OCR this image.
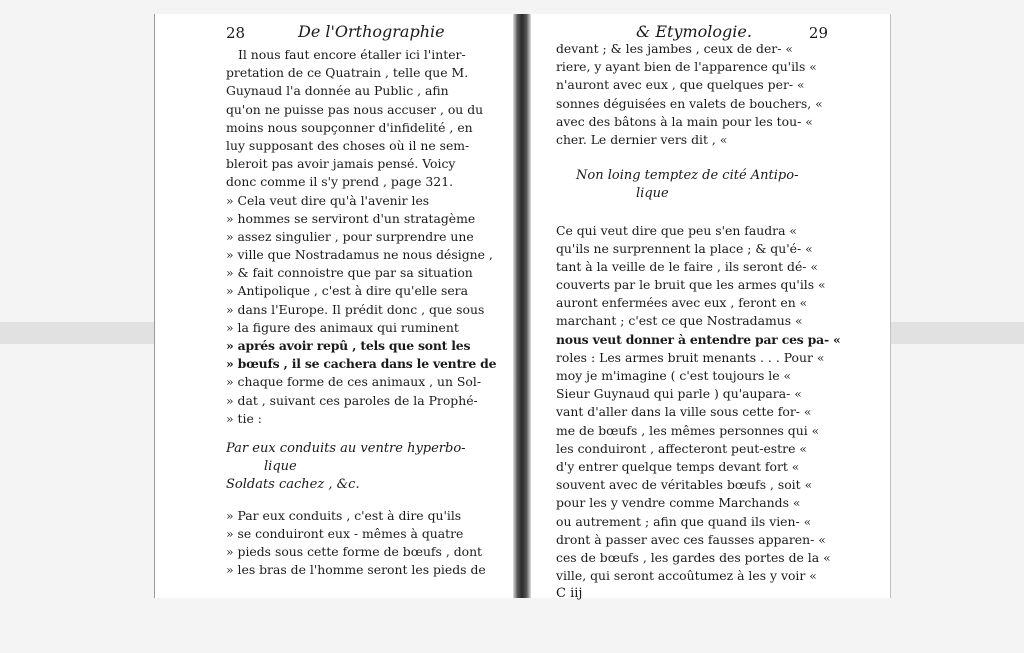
28	De l'Orthographie
Il nous faut encore étaller ici l'inter-
pretation de ce Quatrain , telle que M.
Guynaud l'a donnée au Public , afin
qu'on ne puisse pas nous accuser , ou du
moins nous soupçonner d'infidelité , en
luy supposant des choses où il ne sem-
bleroit pas avoir jamais pensé. Voicy
donc comme il s'y prend , page 321.
» Cela veut dire qu'à l'avenir les
» hommes se serviront d'un stratagème
» assez singulier , pour surprendre une
» ville que Nostradamus ne nous désigne ,
» & fait connoistre que par sa situation
» Antipolique , c'est à dire qu'elle sera
» dans l'Europe. Il prédit donc , que sous
» la figure des animaux qui ruminent
» aprés avoir repû , tels que sont les
» bœufs , il se cachera dans le ventre de
» chaque forme de ces animaux , un Sol-
» dat , suivant ces paroles de la Prophé-
» tie :
Par eux conduits au ventre hyperbo-
lique
Soldats cachez , &c.
» Par eux conduits , c'est à dire qu'ils
» se conduiront eux - mêmes à quatre
» pieds sous cette forme de bœufs , dont
» les bras de l'homme seront les pieds de
& Etymologie.	29
devant ; & les jambes , ceux de der- «
riere, y ayant bien de l'apparence qu'ils «
n'auront avec eux , que quelques per- «
sonnes déguisées en valets de bouchers, «
avec des bâtons à la main pour les tou- «
cher. Le dernier vers dit , «
Non loing temptez de cité Antipo-
lique
Ce qui veut dire que peu s'en faudra «
qu'ils ne surprennent la place ; & qu'é- «
tant à la veille de le faire , ils seront dé- «
couverts par le bruit que les armes qu'ils «
auront enfermées avec eux , feront en «
marchant ; c'est ce que Nostradamus «
nous veut donner à entendre par ces pa- «
roles : Les armes bruit menants . . . Pour «
moy je m'imagine ( c'est toujours le «
Sieur Guynaud qui parle ) qu'aupara- «
vant d'aller dans la ville sous cette for- «
me de bœufs , les mêmes personnes qui «
les conduiront , affecteront peut-estre «
d'y entrer quelque temps devant fort «
souvent avec de véritables bœufs , soit «
pour les y vendre comme Marchands «
ou autrement ; afin que quand ils vien- «
dront à passer avec ces fausses apparen- «
ces de bœufs , les gardes des portes de la «
ville, qui seront accoûtumez à les y voir «
C iij
